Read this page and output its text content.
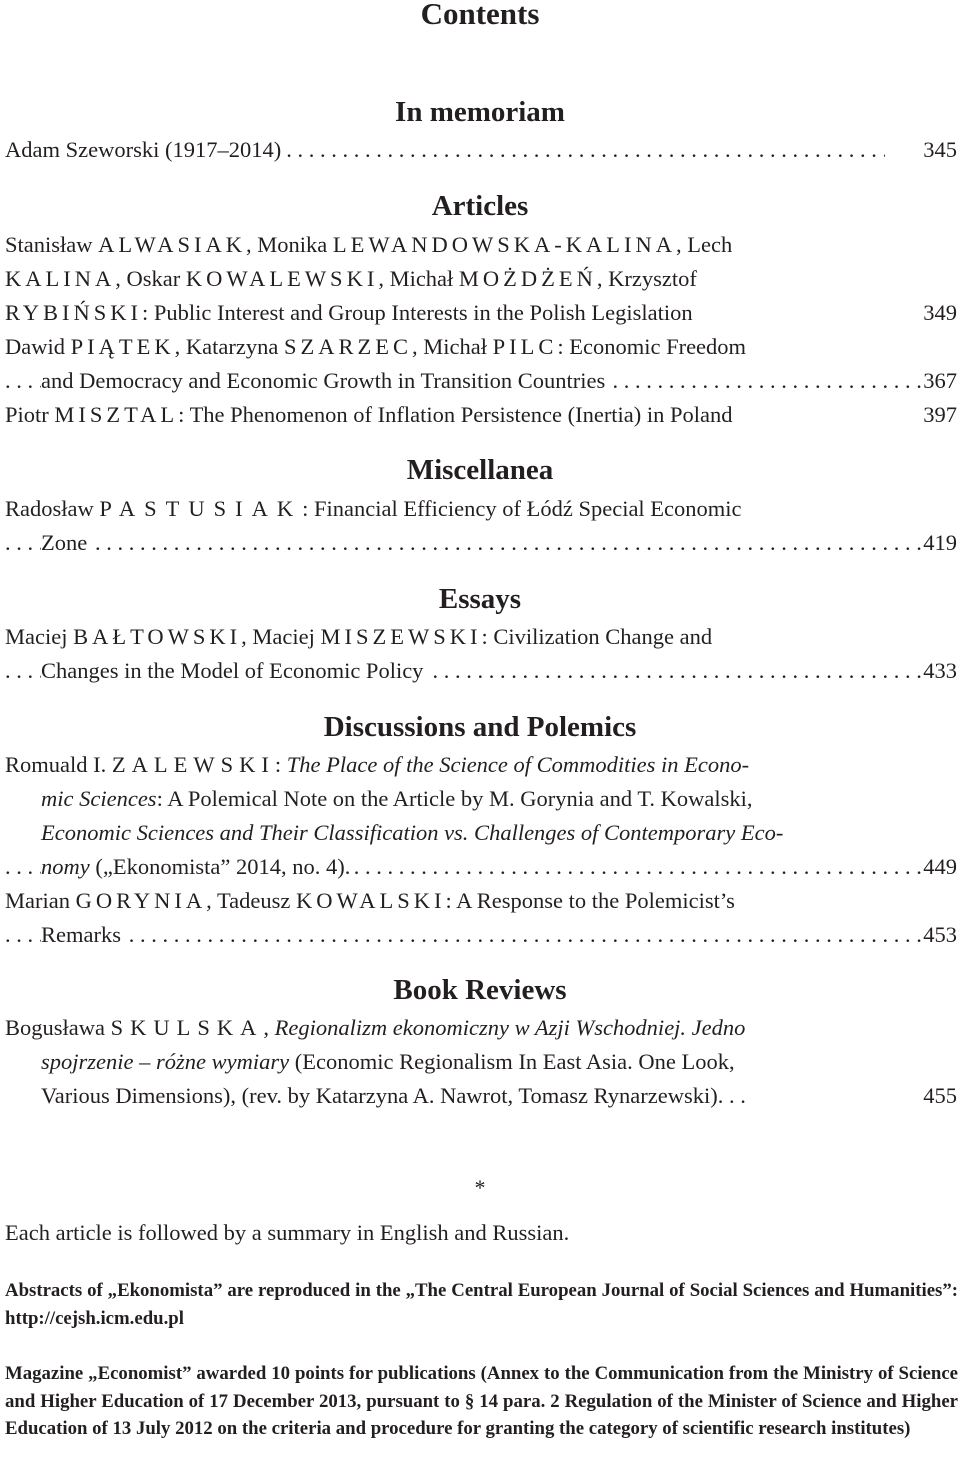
Contents
In memoriam
Adam Szeworski (1917–2014) . . .	345
Articles
Stanisław ALWASIAK, Monika LEWANDOWSKA-KALINA, Lech
KALINA, Oskar KOWALEWSKI, Michał MOŻDŻEŃ, Krzysztof
RYBIŃSKI: Public Interest and Group Interests in the Polish Legislation	349
Dawid PIĄTEK, Katarzyna SZARZEC, Michał PILC: Economic Freedom
and Democracy and Economic Growth in Transition Countries . . .	367
Piotr MISZTAL: The Phenomenon of Inflation Persistence (Inertia) in Poland	397
Miscellanea
Radosław PASTUSIAK: Financial Efficiency of Łódź Special Economic
Zone . . .	419
Essays
Maciej BAŁTOWSKI, Maciej MISZEWSKI: Civilization Change and
Changes in the Model of Economic Policy . . .	433
Discussions and Polemics
Romuald I. ZALEWSKI: The Place of the Science of Commodities in Econo-
mic Sciences: A Polemical Note on the Article by M. Gorynia and T. Kowalski,
Economic Sciences and Their Classification vs. Challenges of Contemporary Eco-
nomy („Ekonomista” 2014, no. 4). . . .	449
Marian GORYNIA, Tadeusz KOWALSKI: A Response to the Polemicist’s
Remarks . . .	453
Book Reviews
Bogusława SKULSKA, Regionalizm ekonomiczny w Azji Wschodniej. Jedno
spojrzenie – różne wymiary (Economic Regionalism In East Asia. One Look,
Various Dimensions), (rev. by Katarzyna A. Nawrot, Tomasz Rynarzewski). . .	455
*
Each article is followed by a summary in English and Russian.
Abstracts of „Ekonomista” are reproduced in the „The Central European Journal of Social Sciences and Humanities”: http://cejsh.icm.edu.pl
Magazine „Economist” awarded 10 points for publications (Annex to the Communication from the Ministry of Science and Higher Education of 17 December 2013, pursuant to § 14 para. 2 Regulation of the Minister of Science and Higher Education of 13 July 2012 on the criteria and procedure for granting the category of scientific research institutes)
